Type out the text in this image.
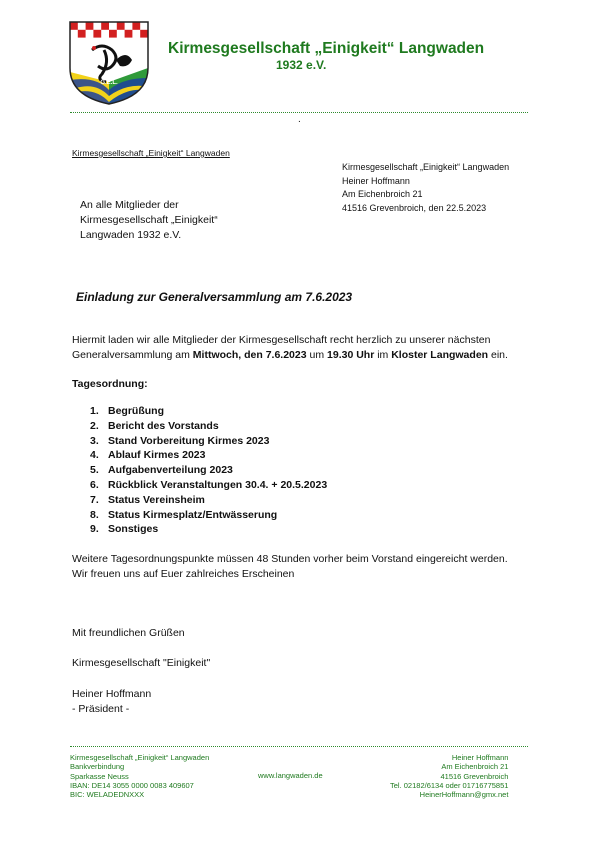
G.E.L.
Kirmesgesellschaft „Einigkeit“ Langwaden
1932 e.V.
.
Kirmesgesellschaft „Einigkeit“ Langwaden
Kirmesgesellschaft „Einigkeit“ Langwaden
Heiner Hoffmann
Am Eichenbroich 21
41516 Grevenbroich, den 22.5.2023
An alle Mitglieder der
Kirmesgesellschaft „Einigkeit“
Langwaden 1932 e.V.
Einladung zur Generalversammlung am 7.6.2023
Hiermit laden wir alle Mitglieder der Kirmesgesellschaft recht herzlich zu unserer nächsten Generalversammlung am Mittwoch, den 7.6.2023 um 19.30 Uhr im Kloster Langwaden ein.
Tagesordnung:
1. Begrüßung
2. Bericht des Vorstands
3. Stand Vorbereitung Kirmes 2023
4. Ablauf Kirmes 2023
5. Aufgabenverteilung 2023
6. Rückblick Veranstaltungen 30.4. + 20.5.2023
7. Status Vereinsheim
8. Status Kirmesplatz/Entwässerung
9. Sonstiges
Weitere Tagesordnungspunkte müssen 48 Stunden vorher beim Vorstand eingereicht werden.
Wir freuen uns auf Euer zahlreiches Erscheinen
Mit freundlichen Grüßen
Kirmesgesellschaft "Einigkeit"
Heiner Hoffmann
- Präsident -
Kirmesgesellschaft „Einigkeit“ Langwaden
Bankverbindung
Sparkasse Neuss
IBAN: DE14 3055 0000 0083 409607
BIC: WELADEDNXXX
www.langwaden.de
Heiner Hoffmann
Am Eichenbroich 21
41516 Grevenbroich
Tel. 02182/6134 oder 01716775851
HeinerHoffmann@gmx.net
